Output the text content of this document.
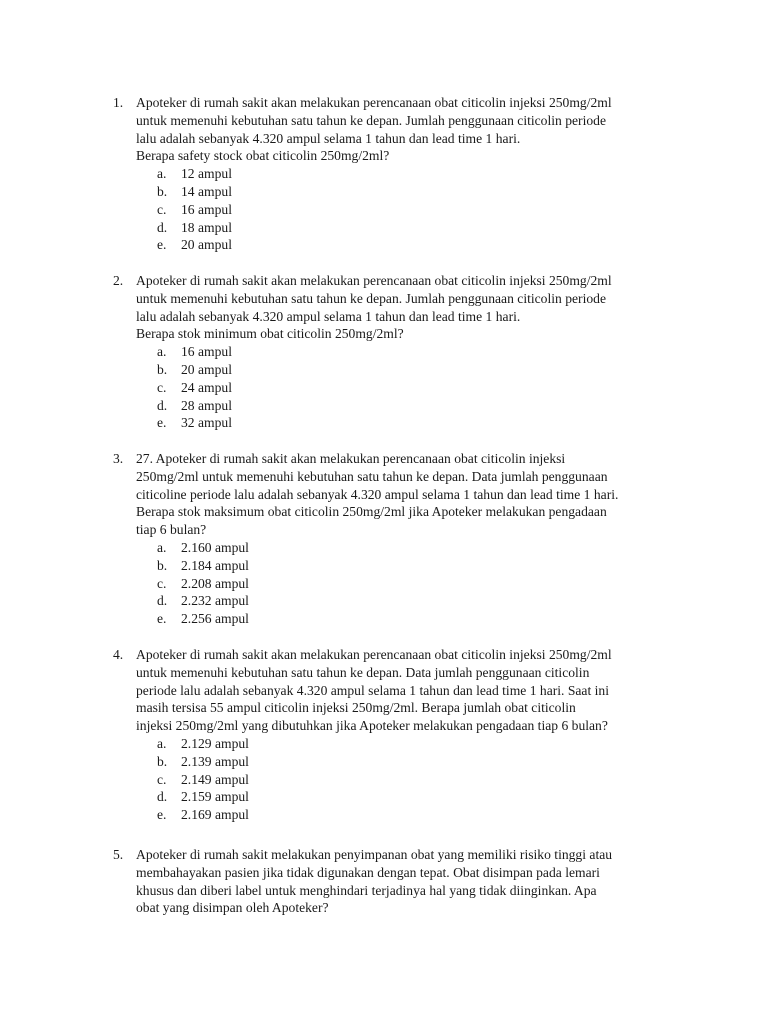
1. Apoteker di rumah sakit akan melakukan perencanaan obat citicolin injeksi 250mg/2ml
untuk memenuhi kebutuhan satu tahun ke depan. Jumlah penggunaan citicolin periode
lalu adalah sebanyak 4.320 ampul selama 1 tahun dan lead time 1 hari.
Berapa safety stock obat citicolin 250mg/2ml?
a. 12 ampul
b. 14 ampul
c. 16 ampul
d. 18 ampul
e. 20 ampul
2. Apoteker di rumah sakit akan melakukan perencanaan obat citicolin injeksi 250mg/2ml
untuk memenuhi kebutuhan satu tahun ke depan. Jumlah penggunaan citicolin periode
lalu adalah sebanyak 4.320 ampul selama 1 tahun dan lead time 1 hari.
Berapa stok minimum obat citicolin 250mg/2ml?
a. 16 ampul
b. 20 ampul
c. 24 ampul
d. 28 ampul
e. 32 ampul
3. 27. Apoteker di rumah sakit akan melakukan perencanaan obat citicolin injeksi
250mg/2ml untuk memenuhi kebutuhan satu tahun ke depan. Data jumlah penggunaan
citicoline periode lalu adalah sebanyak 4.320 ampul selama 1 tahun dan lead time 1 hari.
Berapa stok maksimum obat citicolin 250mg/2ml jika Apoteker melakukan pengadaan
tiap 6 bulan?
a. 2.160 ampul
b. 2.184 ampul
c. 2.208 ampul
d. 2.232 ampul
e. 2.256 ampul
4. Apoteker di rumah sakit akan melakukan perencanaan obat citicolin injeksi 250mg/2ml
untuk memenuhi kebutuhan satu tahun ke depan. Data jumlah penggunaan citicolin
periode lalu adalah sebanyak 4.320 ampul selama 1 tahun dan lead time 1 hari. Saat ini
masih tersisa 55 ampul citicolin injeksi 250mg/2ml. Berapa jumlah obat citicolin
injeksi 250mg/2ml yang dibutuhkan jika Apoteker melakukan pengadaan tiap 6 bulan?
a. 2.129 ampul
b. 2.139 ampul
c. 2.149 ampul
d. 2.159 ampul
e. 2.169 ampul
5. Apoteker di rumah sakit melakukan penyimpanan obat yang memiliki risiko tinggi atau
membahayakan pasien jika tidak digunakan dengan tepat. Obat disimpan pada lemari
khusus dan diberi label untuk menghindari terjadinya hal yang tidak diinginkan. Apa
obat yang disimpan oleh Apoteker?
